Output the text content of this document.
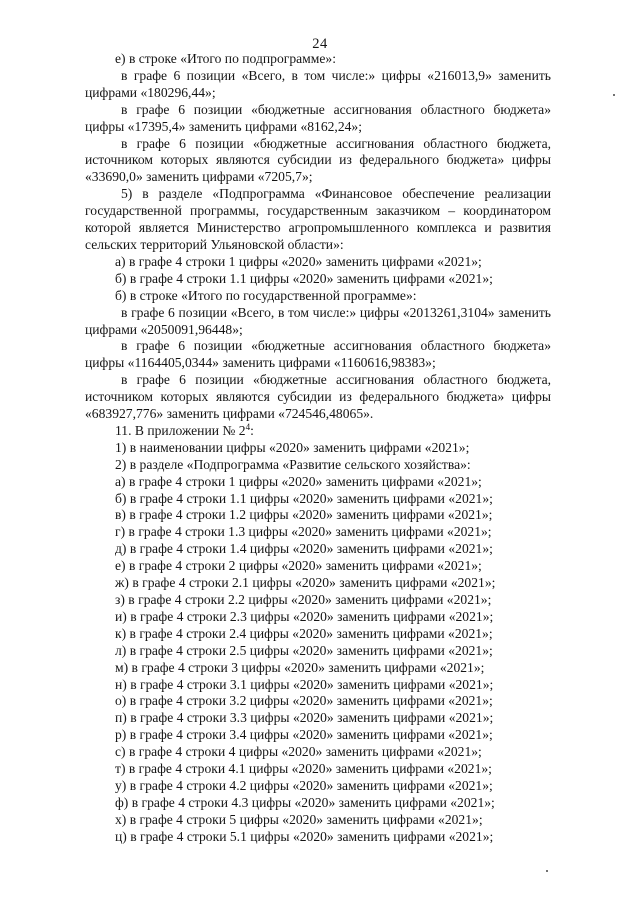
24
е) в строке «Итого по подпрограмме»:
в графе 6 позиции «Всего, в том числе:» цифры «216013,9» заменить
цифрами «180296,44»;
в графе 6 позиции «бюджетные ассигнования областного бюджета»
цифры «17395,4» заменить цифрами «8162,24»;
в графе 6 позиции «бюджетные ассигнования областного бюджета,
источником которых являются субсидии из федерального бюджета» цифры
«33690,0» заменить цифрами «7205,7»;
5) в разделе «Подпрограмма «Финансовое обеспечение реализации
государственной программы, государственным заказчиком – координатором
которой является Министерство агропромышленного комплекса и развития
сельских территорий Ульяновской области»:
а) в графе 4 строки 1 цифры «2020» заменить цифрами «2021»;
б) в графе 4 строки 1.1 цифры «2020» заменить цифрами «2021»;
б) в строке «Итого по государственной программе»:
в графе 6 позиции «Всего, в том числе:» цифры «2013261,3104» заменить
цифрами «2050091,96448»;
в графе 6 позиции «бюджетные ассигнования областного бюджета»
цифры «1164405,0344» заменить цифрами «1160616,98383»;
в графе 6 позиции «бюджетные ассигнования областного бюджета,
источником которых являются субсидии из федерального бюджета» цифры
«683927,776» заменить цифрами «724546,48065».
11. В приложении № $2^4$:
1) в наименовании цифры «2020» заменить цифрами «2021»;
2) в разделе «Подпрограмма «Развитие сельского хозяйства»:
а) в графе 4 строки 1 цифры «2020» заменить цифрами «2021»;
б) в графе 4 строки 1.1 цифры «2020» заменить цифрами «2021»;
в) в графе 4 строки 1.2 цифры «2020» заменить цифрами «2021»;
г) в графе 4 строки 1.3 цифры «2020» заменить цифрами «2021»;
д) в графе 4 строки 1.4 цифры «2020» заменить цифрами «2021»;
е) в графе 4 строки 2 цифры «2020» заменить цифрами «2021»;
ж) в графе 4 строки 2.1 цифры «2020» заменить цифрами «2021»;
з) в графе 4 строки 2.2 цифры «2020» заменить цифрами «2021»;
и) в графе 4 строки 2.3 цифры «2020» заменить цифрами «2021»;
к) в графе 4 строки 2.4 цифры «2020» заменить цифрами «2021»;
л) в графе 4 строки 2.5 цифры «2020» заменить цифрами «2021»;
м) в графе 4 строки 3 цифры «2020» заменить цифрами «2021»;
н) в графе 4 строки 3.1 цифры «2020» заменить цифрами «2021»;
о) в графе 4 строки 3.2 цифры «2020» заменить цифрами «2021»;
п) в графе 4 строки 3.3 цифры «2020» заменить цифрами «2021»;
р) в графе 4 строки 3.4 цифры «2020» заменить цифрами «2021»;
с) в графе 4 строки 4 цифры «2020» заменить цифрами «2021»;
т) в графе 4 строки 4.1 цифры «2020» заменить цифрами «2021»;
у) в графе 4 строки 4.2 цифры «2020» заменить цифрами «2021»;
ф) в графе 4 строки 4.3 цифры «2020» заменить цифрами «2021»;
х) в графе 4 строки 5 цифры «2020» заменить цифрами «2021»;
ц) в графе 4 строки 5.1 цифры «2020» заменить цифрами «2021»;
